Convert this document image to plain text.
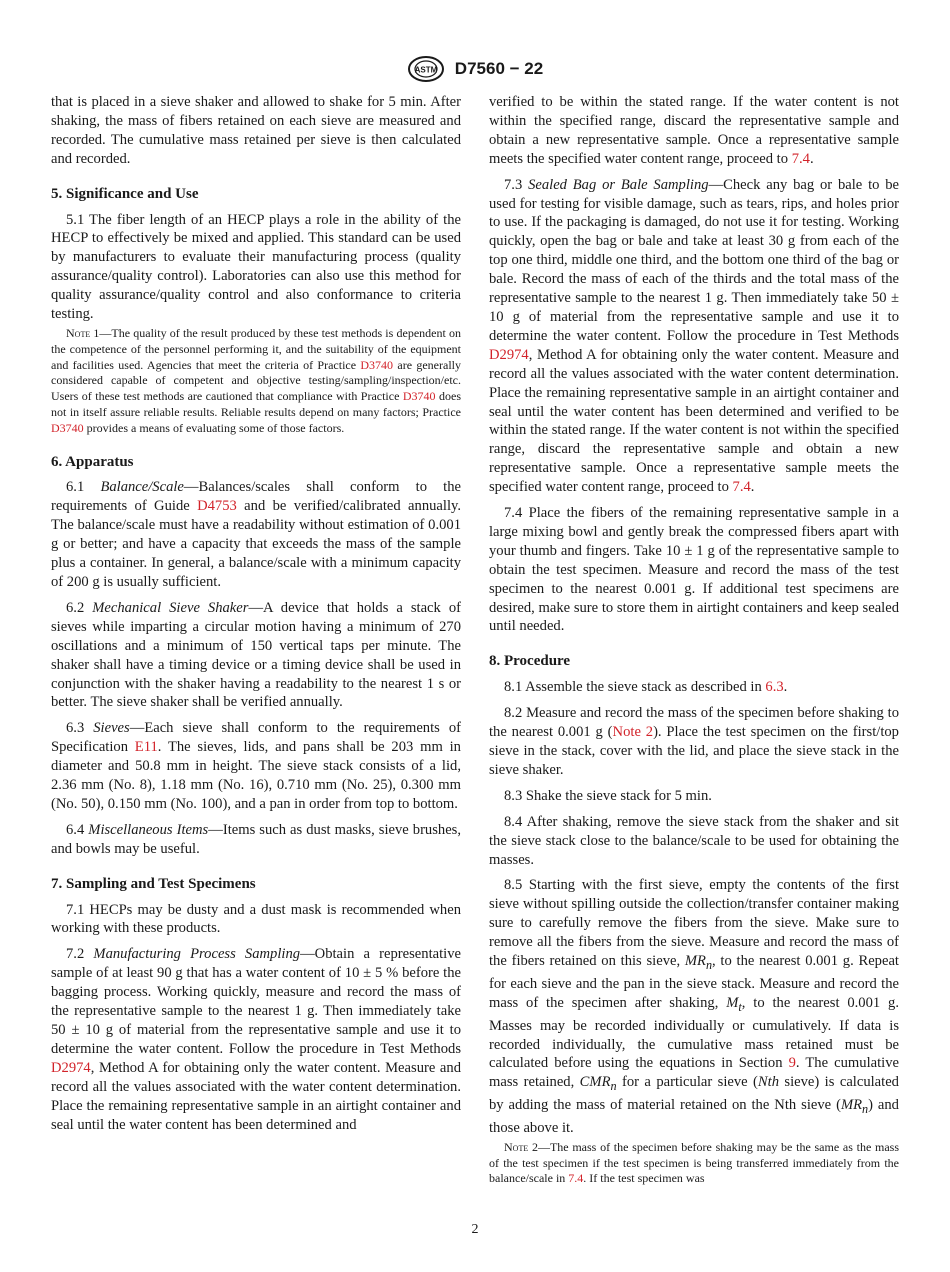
ASTM D7560 − 22

that is placed in a sieve shaker and allowed to shake for 5 min. After shaking, the mass of fibers retained on each sieve are measured and recorded. The cumulative mass retained per sieve is then calculated and recorded.

5. Significance and Use

5.1 The fiber length of an HECP plays a role in the ability of the HECP to effectively be mixed and applied. This standard can be used by manufacturers to evaluate their manufacturing process (quality assurance/quality control). Laboratories can also use this method for quality assurance/quality control and also conformance to criteria testing.

Note 1—The quality of the result produced by these test methods is dependent on the competence of the personnel performing it, and the suitability of the equipment and facilities used. Agencies that meet the criteria of Practice D3740 are generally considered capable of competent and objective testing/sampling/inspection/etc. Users of these test methods are cautioned that compliance with Practice D3740 does not in itself assure reliable results. Reliable results depend on many factors; Practice D3740 provides a means of evaluating some of those factors.

6. Apparatus

6.1 Balance/Scale—Balances/scales shall conform to the requirements of Guide D4753 and be verified/calibrated annually. The balance/scale must have a readability without estimation of 0.001 g or better; and have a capacity that exceeds the mass of the sample plus a container. In general, a balance/scale with a minimum capacity of 200 g is usually sufficient.

6.2 Mechanical Sieve Shaker—A device that holds a stack of sieves while imparting a circular motion having a minimum of 270 oscillations and a minimum of 150 vertical taps per minute. The shaker shall have a timing device or a timing device shall be used in conjunction with the shaker having a readability to the nearest 1 s or better. The sieve shaker shall be verified annually.

6.3 Sieves—Each sieve shall conform to the requirements of Specification E11. The sieves, lids, and pans shall be 203 mm in diameter and 50.8 mm in height. The sieve stack consists of a lid, 2.36 mm (No. 8), 1.18 mm (No. 16), 0.710 mm (No. 25), 0.300 mm (No. 50), 0.150 mm (No. 100), and a pan in order from top to bottom.

6.4 Miscellaneous Items—Items such as dust masks, sieve brushes, and bowls may be useful.

7. Sampling and Test Specimens

7.1 HECPs may be dusty and a dust mask is recommended when working with these products.

7.2 Manufacturing Process Sampling—Obtain a representative sample of at least 90 g that has a water content of 10 ± 5 % before the bagging process. Working quickly, measure and record the mass of the representative sample to the nearest 1 g. Then immediately take 50 ± 10 g of material from the representative sample and use it to determine the water content. Follow the procedure in Test Methods D2974, Method A for obtaining only the water content. Measure and record all the values associated with the water content determination. Place the remaining representative sample in an airtight container and seal until the water content has been determined and

verified to be within the stated range. If the water content is not within the specified range, discard the representative sample and obtain a new representative sample. Once a representative sample meets the specified water content range, proceed to 7.4.

7.3 Sealed Bag or Bale Sampling—Check any bag or bale to be used for testing for visible damage, such as tears, rips, and holes prior to use. If the packaging is damaged, do not use it for testing. Working quickly, open the bag or bale and take at least 30 g from each of the top one third, middle one third, and the bottom one third of the bag or bale. Record the mass of each of the thirds and the total mass of the representative sample to the nearest 1 g. Then immediately take 50 ± 10 g of material from the representative sample and use it to determine the water content. Follow the procedure in Test Methods D2974, Method A for obtaining only the water content. Measure and record all the values associated with the water content determination. Place the remaining representative sample in an airtight container and seal until the water content has been determined and verified to be within the stated range. If the water content is not within the specified range, discard the representative sample and obtain a new representative sample. Once a representative sample meets the specified water content range, proceed to 7.4.

7.4 Place the fibers of the remaining representative sample in a large mixing bowl and gently break the compressed fibers apart with your thumb and fingers. Take 10 ± 1 g of the representative sample to obtain the test specimen. Measure and record the mass of the test specimen to the nearest 0.001 g. If additional test specimens are desired, make sure to store them in airtight containers and keep sealed until needed.

8. Procedure

8.1 Assemble the sieve stack as described in 6.3.

8.2 Measure and record the mass of the specimen before shaking to the nearest 0.001 g (Note 2). Place the test specimen on the first/top sieve in the stack, cover with the lid, and place the sieve stack in the sieve shaker.

8.3 Shake the sieve stack for 5 min.

8.4 After shaking, remove the sieve stack from the shaker and sit the sieve stack close to the balance/scale to be used for obtaining the masses.

8.5 Starting with the first sieve, empty the contents of the first sieve without spilling outside the collection/transfer container making sure to carefully remove the fibers from the sieve. Make sure to remove all the fibers from the sieve. Measure and record the mass of the fibers retained on this sieve, $MR_n$, to the nearest 0.001 g. Repeat for each sieve and the pan in the sieve stack. Measure and record the mass of the specimen after shaking, $M_t$, to the nearest 0.001 g. Masses may be recorded individually or cumulatively. If data is recorded individually, the cumulative mass retained must be calculated before using the equations in Section 9. The cumulative mass retained, $CMR_n$ for a particular sieve (Nth sieve) is calculated by adding the mass of material retained on the Nth sieve $(MR_n)$ and those above it.

Note 2—The mass of the specimen before shaking may be the same as the mass of the test specimen if the test specimen is being transferred immediately from the balance/scale in 7.4. If the test specimen was

2
